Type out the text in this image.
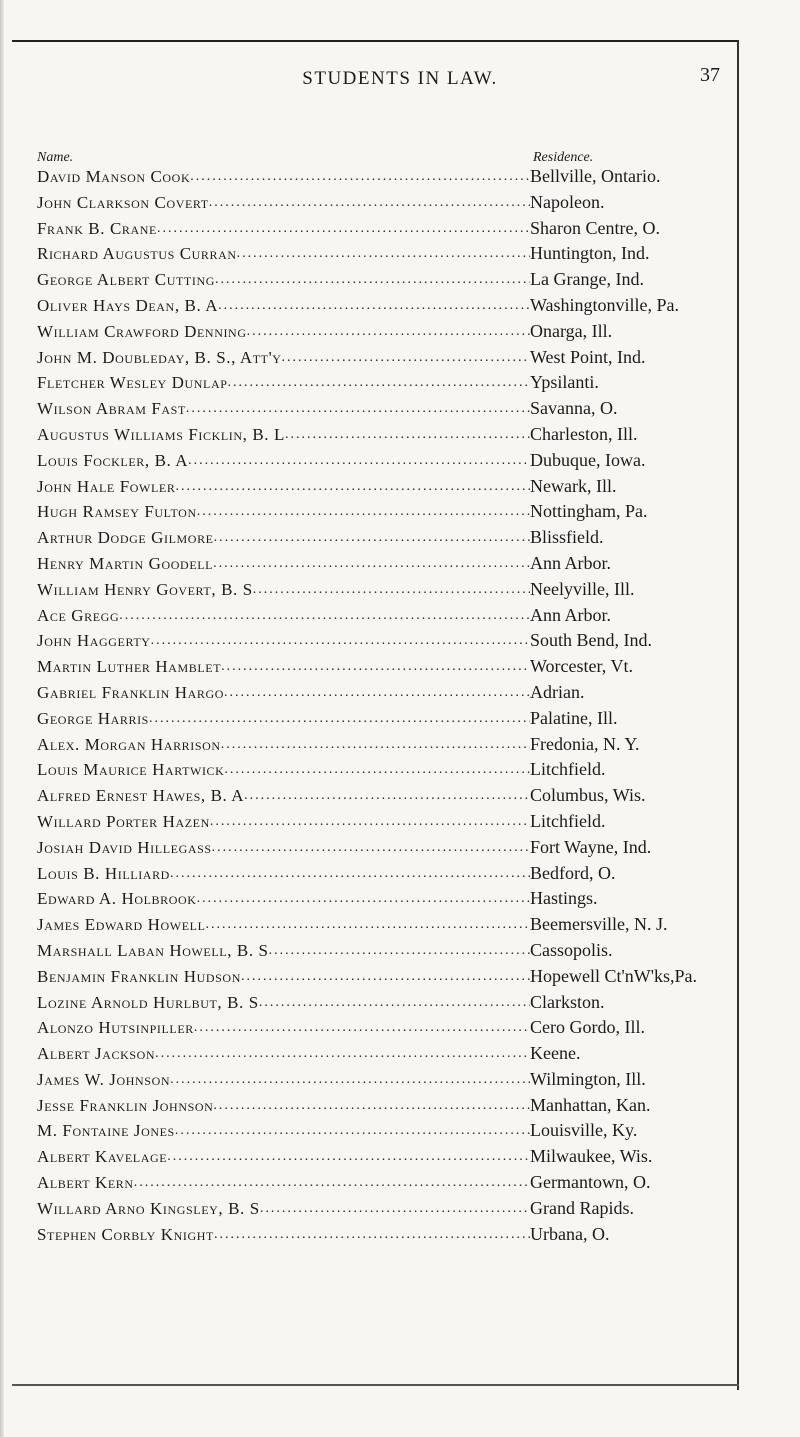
STUDENTS IN LAW.	37
Name.	Residence.
David Manson Cook .....	Bellville, Ontario.
John Clarkson Covert .....	Napoleon.
Frank B. Crane .....	Sharon Centre, O.
Richard Augustus Curran .....	Huntington, Ind.
George Albert Cutting .....	La Grange, Ind.
Oliver Hays Dean, B. A .....	Washingtonville, Pa.
William Crawford Denning .....	Onarga, Ill.
John M. Doubleday, B. S., Att'y .....	West Point, Ind.
Fletcher Wesley Dunlap .....	Ypsilanti.
Wilson Abram Fast .....	Savanna, O.
Augustus Williams Ficklin, B. L .....	Charleston, Ill.
Louis Fockler, B. A .....	Dubuque, Iowa.
John Hale Fowler .....	Newark, Ill.
Hugh Ramsey Fulton .....	Nottingham, Pa.
Arthur Dodge Gilmore .....	Blissfield.
Henry Martin Goodell .....	Ann Arbor.
William Henry Govert, B. S .....	Neelyville, Ill.
Ace Gregg .....	Ann Arbor.
John Haggerty .....	South Bend, Ind.
Martin Luther Hamblet .....	Worcester, Vt.
Gabriel Franklin Hargo .....	Adrian.
George Harris .....	Palatine, Ill.
Alex. Morgan Harrison .....	Fredonia, N. Y.
Louis Maurice Hartwick .....	Litchfield.
Alfred Ernest Hawes, B. A .....	Columbus, Wis.
Willard Porter Hazen .....	Litchfield.
Josiah David Hillegass .....	Fort Wayne, Ind.
Louis B. Hilliard .....	Bedford, O.
Edward A. Holbrook .....	Hastings.
James Edward Howell .....	Beemersville, N. J.
Marshall Laban Howell, B. S .....	Cassopolis.
Benjamin Franklin Hudson .....	Hopewell Ct'nW'ks,Pa.
Lozine Arnold Hurlbut, B. S .....	Clarkston.
Alonzo Hutsinpiller .....	Cero Gordo, Ill.
Albert Jackson .....	Keene.
James W. Johnson .....	Wilmington, Ill.
Jesse Franklin Johnson .....	Manhattan, Kan.
M. Fontaine Jones .....	Louisville, Ky.
Albert Kavelage .....	Milwaukee, Wis.
Albert Kern .....	Germantown, O.
Willard Arno Kingsley, B. S .....	Grand Rapids.
Stephen Corbly Knight .....	Urbana, O.
